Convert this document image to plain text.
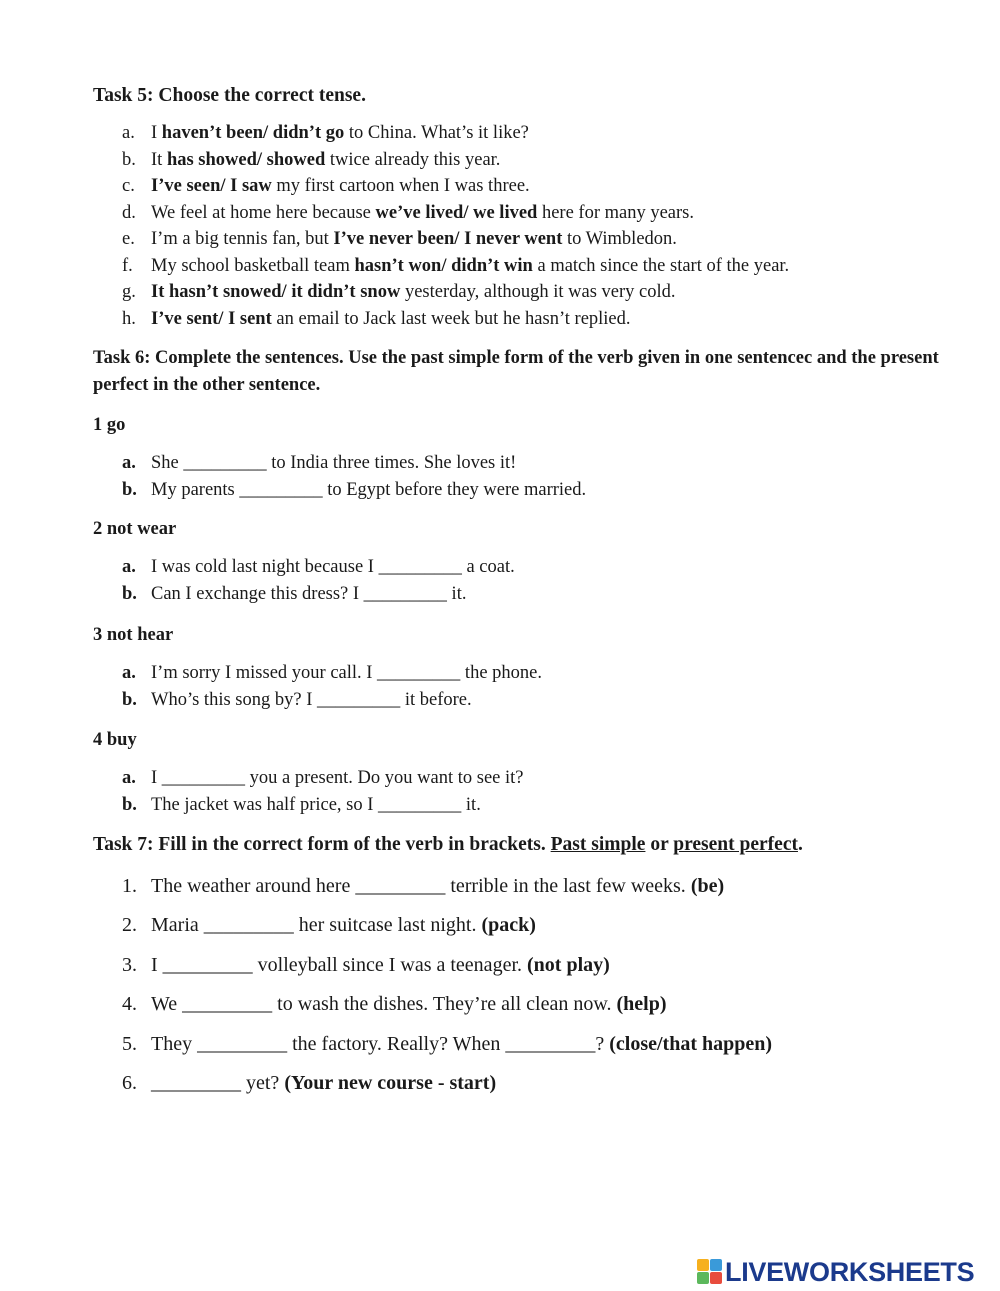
Task 5: Choose the correct tense.
a. I haven’t been/ didn’t go to China. What’s it like?
b. It has showed/ showed twice already this year.
c. I’ve seen/ I saw my first cartoon when I was three.
d. We feel at home here because we’ve lived/ we lived here for many years.
e. I’m a big tennis fan, but I’ve never been/ I never went to Wimbledon.
f. My school basketball team hasn’t won/ didn’t win a match since the start of the year.
g. It hasn’t snowed/ it didn’t snow yesterday, although it was very cold.
h. I’ve sent/ I sent an email to Jack last week but he hasn’t replied.
Task 6: Complete the sentences. Use the past simple form of the verb given in one sentencec and the present perfect in the other sentence.
1 go
a. She _________ to India three times. She loves it!
b. My parents _________ to Egypt before they were married.
2 not wear
a. I was cold last night because I _________ a coat.
b. Can I exchange this dress? I _________ it.
3 not hear
a. I’m sorry I missed your call. I _________ the phone.
b. Who’s this song by? I _________ it before.
4 buy
a. I _________ you a present. Do you want to see it?
b. The jacket was half price, so I _________ it.
Task 7: Fill in the correct form of the verb in brackets. Past simple or present perfect.
1. The weather around here _________ terrible in the last few weeks. (be)
2. Maria _________ her suitcase last night. (pack)
3. I _________ volleyball since I was a teenager. (not play)
4. We _________ to wash the dishes. They’re all clean now. (help)
5. They _________ the factory. Really? When _________? (close/that happen)
6. _________ yet? (Your new course - start)
LIVEWORKSHEETS
